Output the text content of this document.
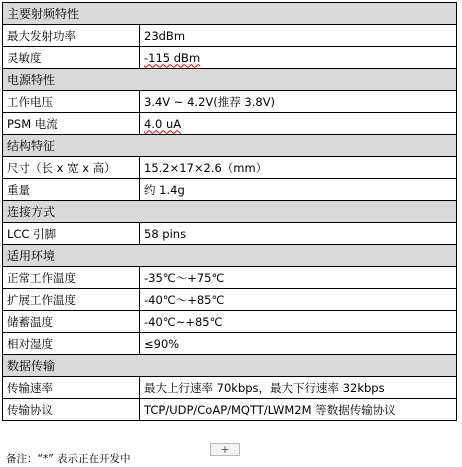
主要射频特性	
最大发射功率	23dBm
灵敏度	-115 dBm
电源特性	
工作电压	3.4V ~ 4.2V(推荐 3.8V)
PSM 电流	4.0 uA
结构特征	
尺寸（长 x 宽 x 高）	15.2×17×2.6（mm）
重量	约 1.4g
连接方式	
LCC 引脚	58 pins
适用环境	
正常工作温度	-35℃～+75℃
扩展工作温度	-40℃～+85℃
储蓄温度	-40℃~+85℃
相对湿度	≤90%
数据传输	
传输速率	最大上行速率 70kbps，最大下行速率 32kbps
传输协议	TCP/UDP/CoAP/MQTT/LWM2M 等数据传输协议
+
备注：“*” 表示正在开发中
